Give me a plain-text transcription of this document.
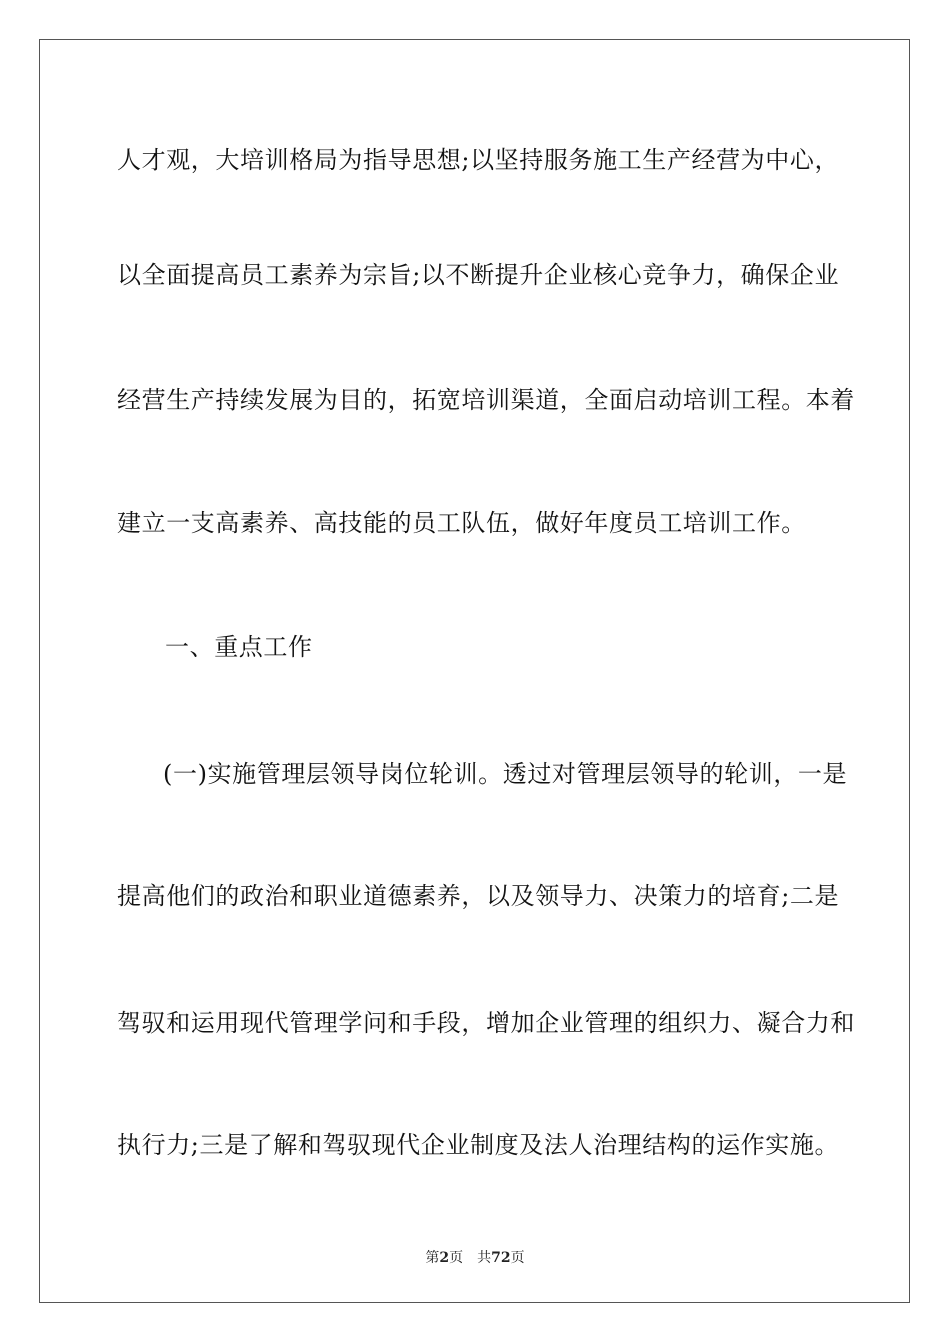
人才观，大培训格局为指导思想;以坚持服务施工生产经营为中心，
以全面提高员工素养为宗旨;以不断提升企业核心竞争力，确保企业
经营生产持续发展为目的，拓宽培训渠道，全面启动培训工程。本着
建立一支高素养、高技能的员工队伍，做好年度员工培训工作。
一、重点工作
(一)实施管理层领导岗位轮训。透过对管理层领导的轮训，一是
提高他们的政治和职业道德素养，以及领导力、决策力的培育;二是
驾驭和运用现代管理学问和手段，增加企业管理的组织力、凝合力和
执行力;三是了解和驾驭现代企业制度及法人治理结构的运作实施。
第2页 共72页
